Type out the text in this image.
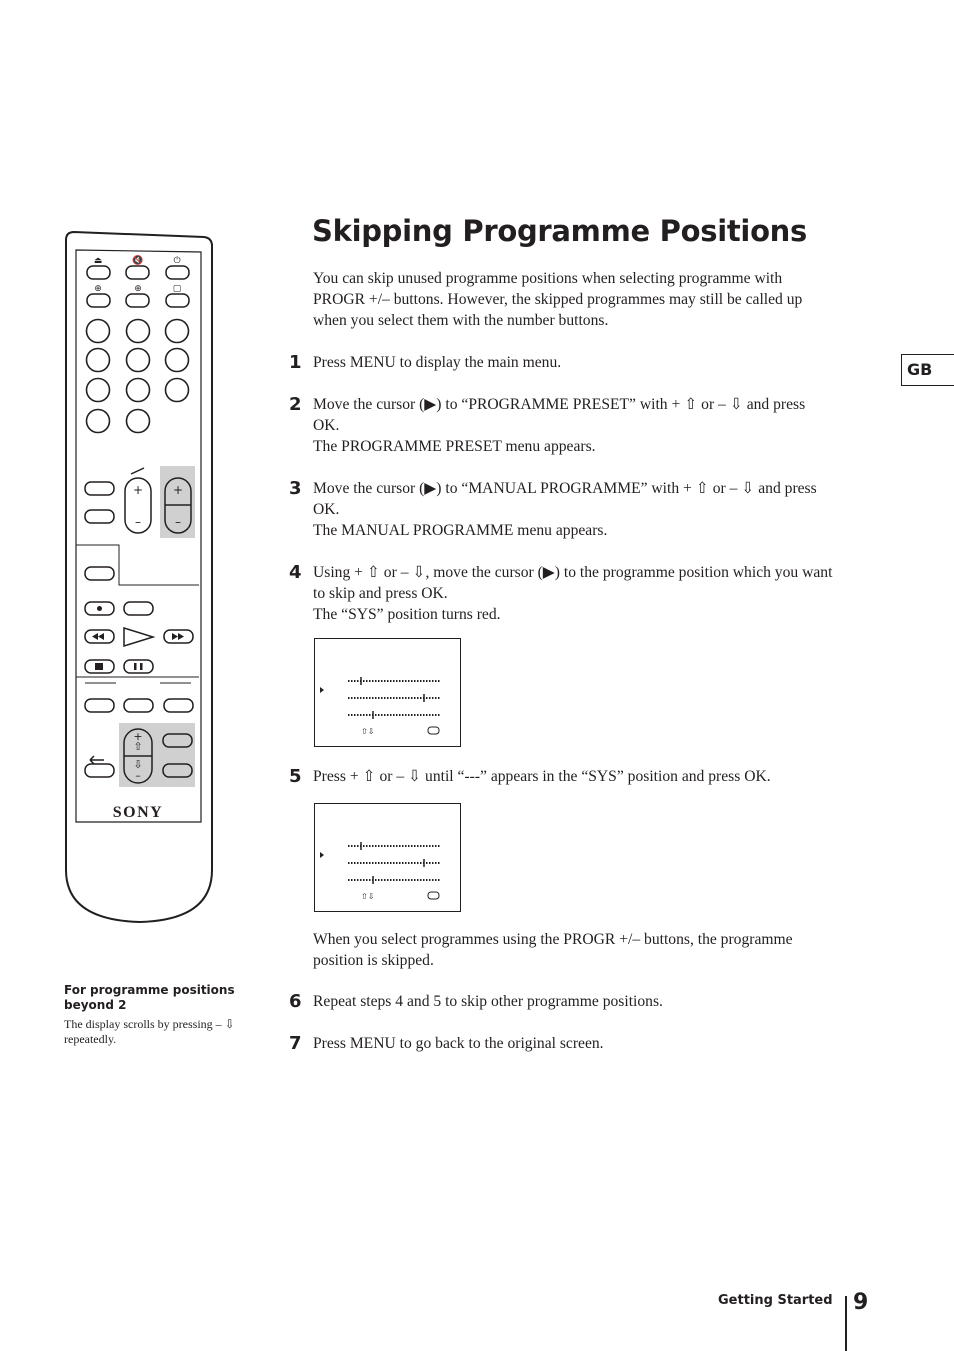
⏏	🔇	⏻
⊕	⊕	▢
+
–
+
–
+
⇧
⇩
–
SONY
Skipping Programme Positions
You can skip unused programme positions when selecting programme with PROGR +/– buttons. However, the skipped programmes may still be called up when you select them with the number buttons.
GB
1 Press MENU to display the main menu.

2 Move the cursor (▶) to “PROGRAMME PRESET” with + ⇧ or – ⇩ and press OK.

The PROGRAMME PRESET menu appears.

3 Move the cursor (▶) to “MANUAL PROGRAMME” with + ⇧ or – ⇩ and press OK.

The MANUAL PROGRAMME menu appears.

4 Using + ⇧ or – ⇩, move the cursor (▶) to the programme position which you want to skip and press OK.

The “SYS” position turns red.

⇧⇩
5 Press + ⇧ or – ⇩ until “---” appears in the “SYS” position and press OK.

⇧⇩

When you select programmes using the PROGR +/– buttons, the programme position is skipped.

6 Repeat steps 4 and 5 to skip other programme positions.

7 Press MENU to go back to the original screen.

For programme positions beyond 2
The display scrolls by pressing – ⇩ repeatedly.
Getting Started 9
